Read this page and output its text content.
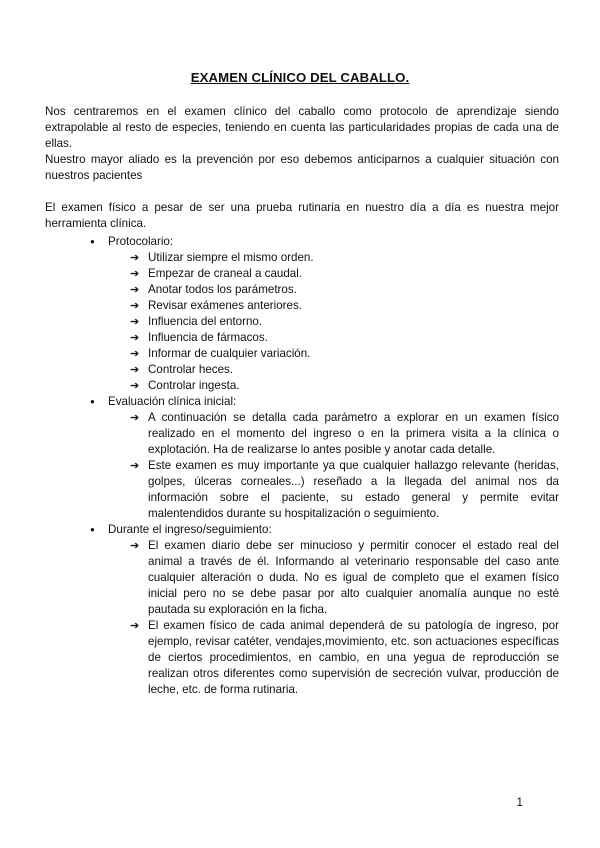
EXAMEN CLÍNICO DEL CABALLO.
Nos centraremos en el examen clínico del caballo como protocolo de aprendizaje siendo extrapolable al resto de especies, teniendo en cuenta las particularidades propias de cada una de ellas.
Nuestro mayor aliado es la prevención por eso debemos anticiparnos a cualquier situación con nuestros pacientes
El examen físico a pesar de ser una prueba rutinaria en nuestro día a día es nuestra mejor herramienta clínica.
● Protocolario:
➔ Utilizar siempre el mismo orden.
➔ Empezar de craneal a caudal.
➔ Anotar todos los parámetros.
➔ Revisar exámenes anteriores.
➔ Influencia del entorno.
➔ Influencia de fármacos.
➔ Informar de cualquier variación.
➔ Controlar heces.
➔ Controlar ingesta.
● Evaluación clínica inicial:
➔ A continuación se detalla cada parámetro a explorar en un examen físico realizado en el momento del ingreso o en la primera visita a la clínica o explotación. Ha de realizarse lo antes posible y anotar cada detalle.
➔ Este examen es muy importante ya que cualquier hallazgo relevante (heridas, golpes, úlceras corneales...) reseñado a la llegada del animal nos da información sobre el paciente, su estado general y permite evitar malentendidos durante su hospitalización o seguimiento.
● Durante el ingreso/seguimiento:
➔ El examen diario debe ser minucioso y permitir conocer el estado real del animal a través de él. Informando al veterinario responsable del caso ante cualquier alteración o duda. No es igual de completo que el examen físico inicial pero no se debe pasar por alto cualquier anomalía aunque no esté pautada su exploración en la ficha.
➔ El examen físico de cada animal dependerá de su patología de ingreso, por ejemplo, revisar catéter, vendajes,movimiento, etc. son actuaciones específicas de ciertos procedimientos, en cambio, en una yegua de reproducción se realizan otros diferentes como supervisión de secreción vulvar, producción de leche, etc. de forma rutinaria.
1
